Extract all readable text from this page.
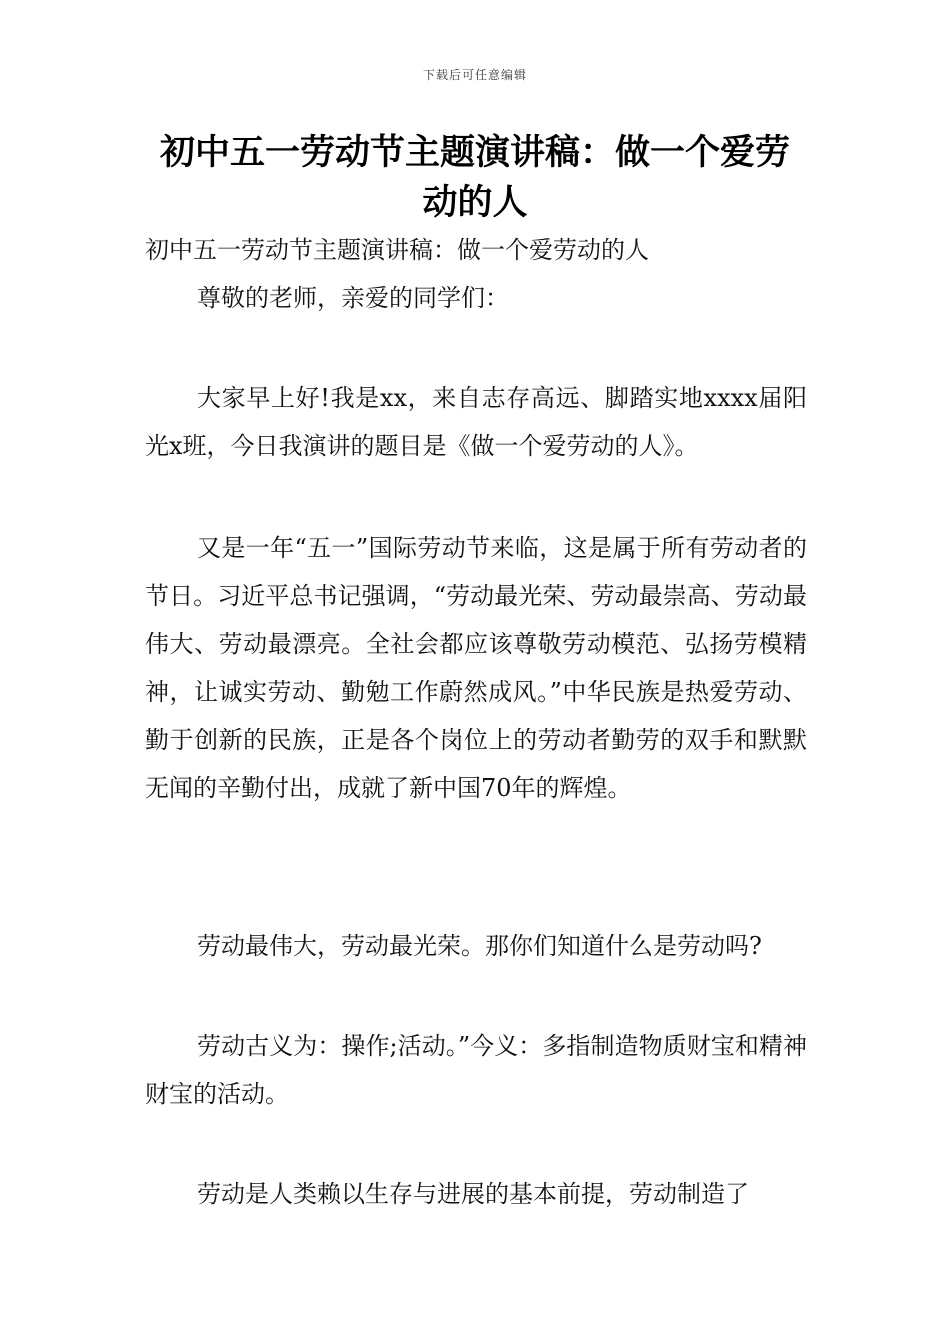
下载后可任意编辑
初中五一劳动节主题演讲稿：做一个爱劳动的人

初中五一劳动节主题演讲稿：做一个爱劳动的人

尊敬的老师，亲爱的同学们：

大家早上好!我是xx，来自志存高远、脚踏实地xxxx届阳光x班，今日我演讲的题目是《做一个爱劳动的人》。

又是一年“五一”国际劳动节来临，这是属于所有劳动者的节日。习近平总书记强调，“劳动最光荣、劳动最崇高、劳动最伟大、劳动最漂亮。全社会都应该尊敬劳动模范、弘扬劳模精神，让诚实劳动、勤勉工作蔚然成风。”中华民族是热爱劳动、勤于创新的民族，正是各个岗位上的劳动者勤劳的双手和默默无闻的辛勤付出，成就了新中国70年的辉煌。

劳动最伟大，劳动最光荣。那你们知道什么是劳动吗?

劳动古义为：操作;活动。”今义：多指制造物质财宝和精神财宝的活动。

劳动是人类赖以生存与进展的基本前提，劳动制造了
